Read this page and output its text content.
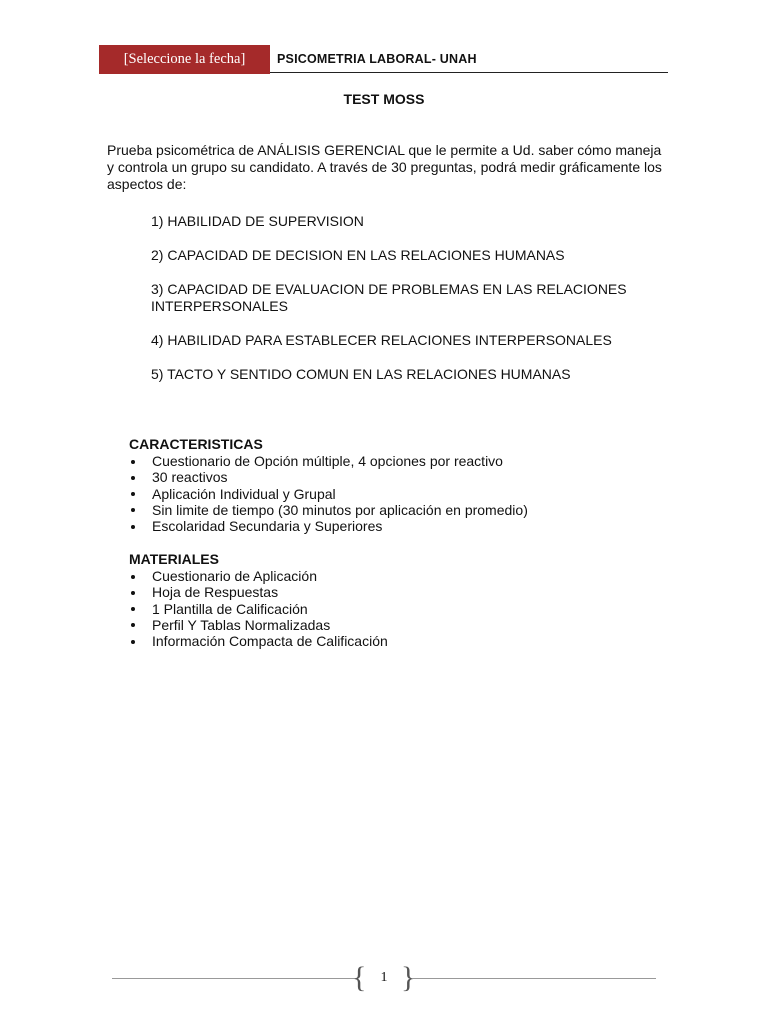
[Seleccione la fecha]	PSICOMETRIA LABORAL- UNAH
TEST MOSS
Prueba psicométrica de ANÁLISIS GERENCIAL que le permite a Ud. saber cómo maneja y controla un grupo su candidato. A través de 30 preguntas, podrá medir gráficamente los aspectos de:
1) HABILIDAD DE SUPERVISION
2) CAPACIDAD DE DECISION EN LAS RELACIONES HUMANAS
3) CAPACIDAD DE EVALUACION DE PROBLEMAS EN LAS RELACIONES INTERPERSONALES
4) HABILIDAD PARA ESTABLECER RELACIONES INTERPERSONALES
5) TACTO Y SENTIDO COMUN EN LAS RELACIONES HUMANAS
CARACTERISTICAS
Cuestionario de Opción múltiple, 4 opciones por reactivo
30 reactivos
Aplicación Individual y Grupal
Sin limite de tiempo (30 minutos por aplicación en promedio)
Escolaridad Secundaria y Superiores
MATERIALES
Cuestionario de Aplicación
Hoja de Respuestas
1 Plantilla de Calificación
Perfil Y Tablas Normalizadas
Información Compacta de Calificación
{	1 }
